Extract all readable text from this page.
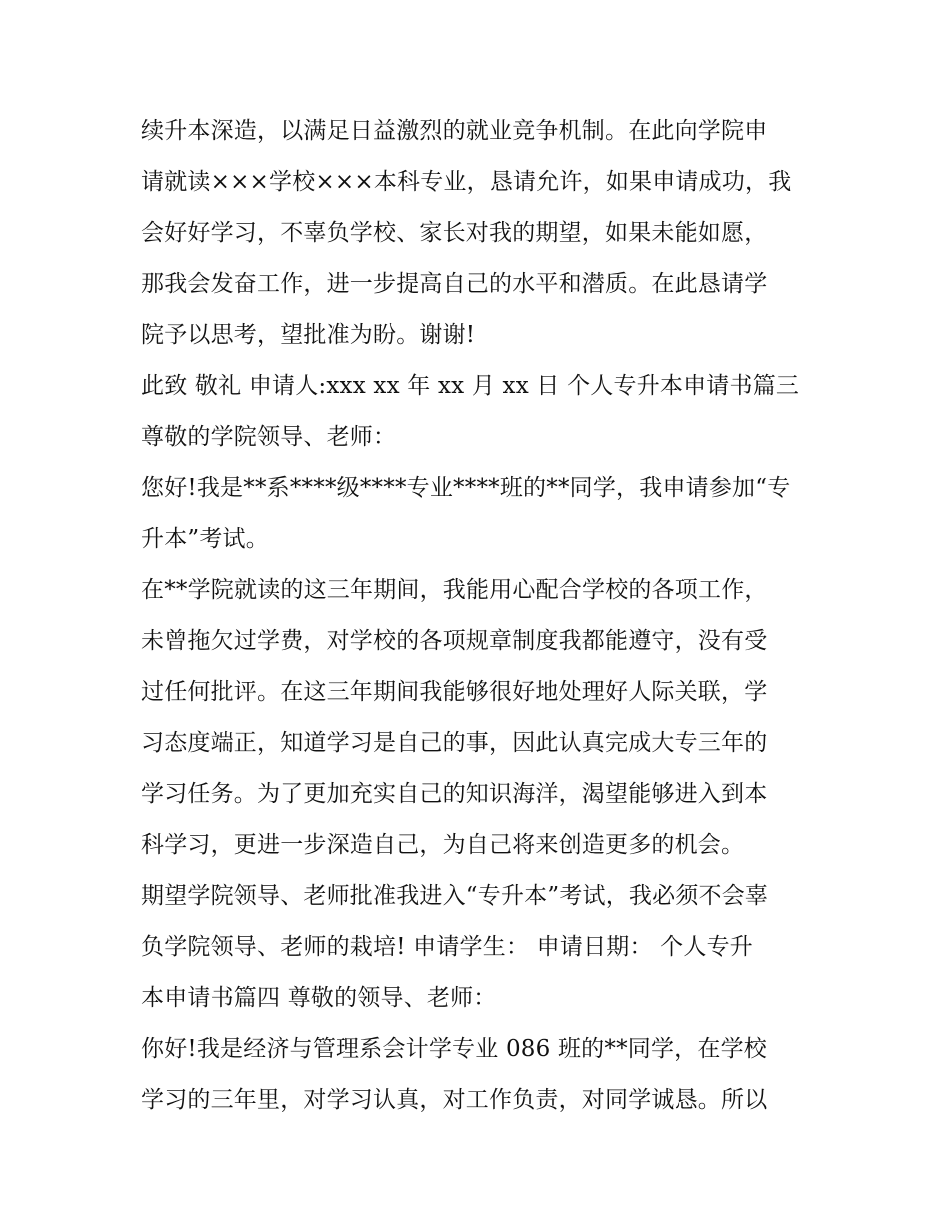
续升本深造，以满足日益激烈的就业竞争机制。在此向学院申
请就读×××学校×××本科专业，恳请允许，如果申请成功，我
会好好学习，不辜负学校、家长对我的期望，如果未能如愿，
那我会发奋工作，进一步提高自己的水平和潜质。在此恳请学
院予以思考，望批准为盼。谢谢!
此致 敬礼 申请人:xxx xx 年 xx 月 xx 日 个人专升本申请书篇三
尊敬的学院领导、老师：
您好!我是**系****级****专业****班的**同学，我申请参加“专
升本”考试。
在**学院就读的这三年期间，我能用心配合学校的各项工作，
未曾拖欠过学费，对学校的各项规章制度我都能遵守，没有受
过任何批评。在这三年期间我能够很好地处理好人际关联，学
习态度端正，知道学习是自己的事，因此认真完成大专三年的
学习任务。为了更加充实自己的知识海洋，渴望能够进入到本
科学习，更进一步深造自己，为自己将来创造更多的机会。
期望学院领导、老师批准我进入“专升本”考试，我必须不会辜
负学院领导、老师的栽培! 申请学生： 申请日期： 个人专升
本申请书篇四 尊敬的领导、老师：
你好!我是经济与管理系会计学专业 086 班的**同学，在学校
学习的三年里，对学习认真，对工作负责，对同学诚恳。所以
